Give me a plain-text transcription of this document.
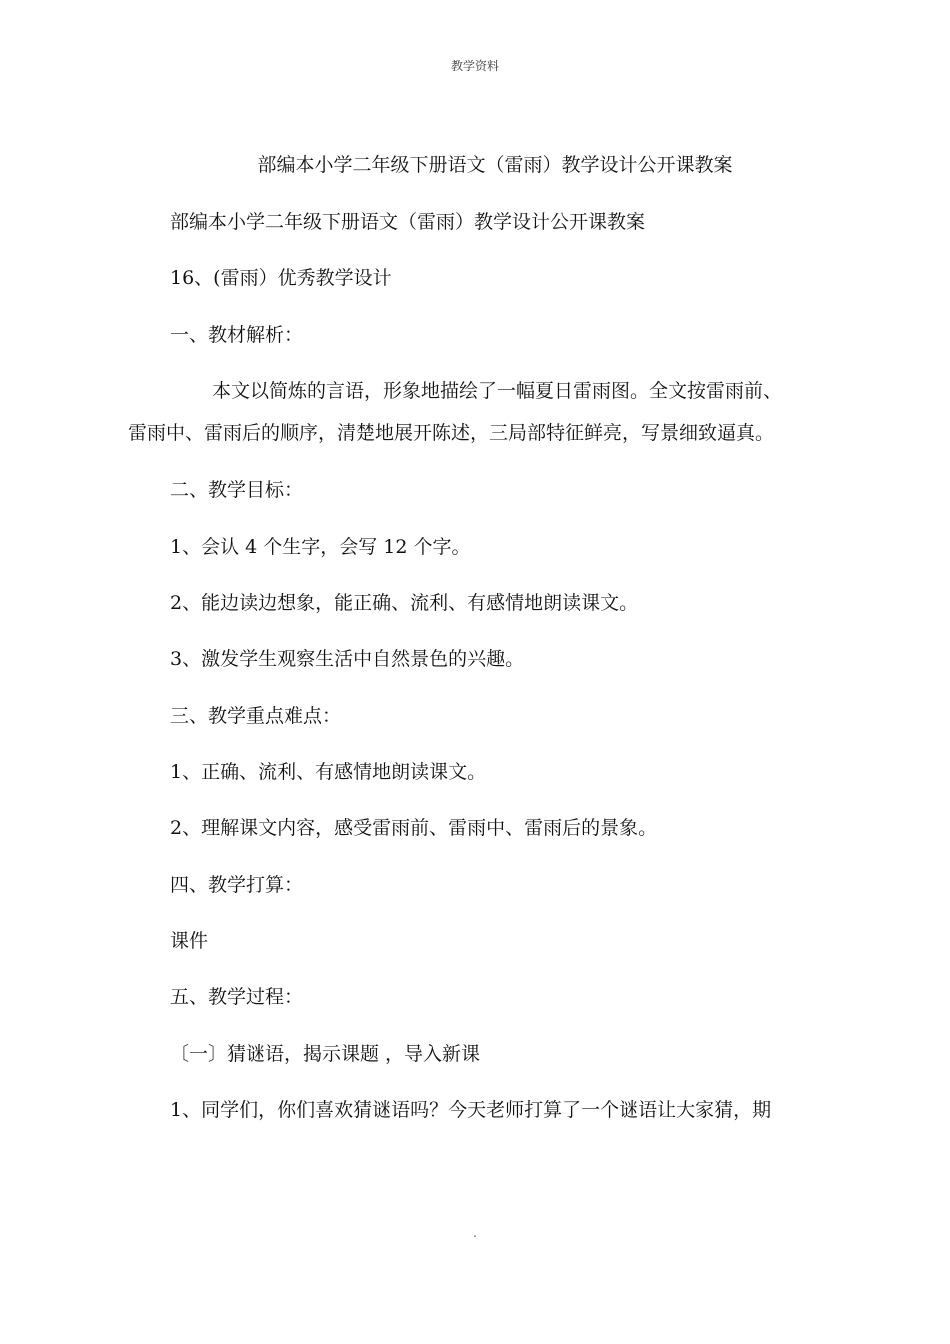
教学资料
部编本小学二年级下册语文（雷雨）教学设计公开课教案
部编本小学二年级下册语文（雷雨）教学设计公开课教案
16、(雷雨）优秀教学设计
一、教材解析：
本文以简炼的言语，形象地描绘了一幅夏日雷雨图。全文按雷雨前、
雷雨中、雷雨后的顺序，清楚地展开陈述，三局部特征鲜亮，写景细致逼真。
二、教学目标：
1、会认 4 个生字，会写 12 个字。
2、能边读边想象，能正确、流利、有感情地朗读课文。
3、激发学生观察生活中自然景色的兴趣。
三、教学重点难点：
1、正确、流利、有感情地朗读课文。
2、理解课文内容，感受雷雨前、雷雨中、雷雨后的景象。
四、教学打算：
课件
五、教学过程：
〔一〕猜谜语，揭示课题 ，导入新课
1、同学们，你们喜欢猜谜语吗？今天老师打算了一个谜语让大家猜，期
.
